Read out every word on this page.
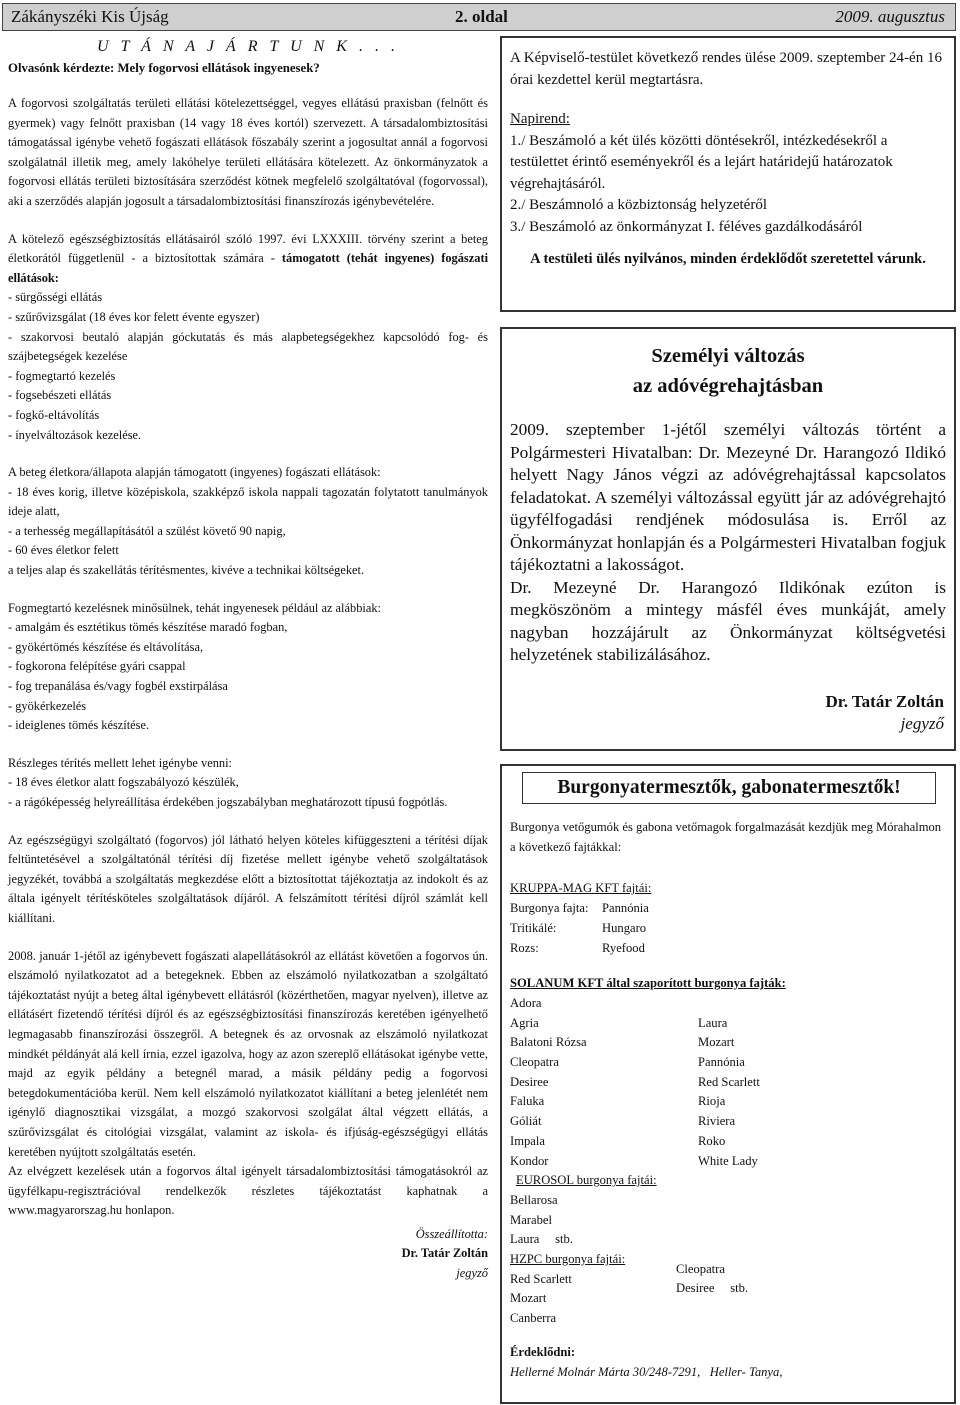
Zákányszéki Kis Újság	2. oldal	2009. augusztus

U T Á N A J Á R T U N K . . .

Olvasónk kérdezte: Mely fogorvosi ellátások ingyenesek?

A fogorvosi szolgáltatás területi ellátási kötelezettséggel, vegyes ellátású praxisban (felnőtt és gyermek) vagy felnőtt praxisban (14 vagy 18 éves kortól) szervezett. A társadalombiztosítási támogatással igénybe vehető fogászati ellátások főszabály szerint a jogosultat annál a fogorvosi szolgálatnál illetik meg, amely lakóhelye területi ellátására kötelezett. Az önkormányzatok a fogorvosi ellátás területi biztosítására szerződést kötnek megfelelő szolgáltatóval (fogorvossal), aki a szerződés alapján jogosult a társadalombiztosítási finanszírozás igénybevételére.

A kötelező egészségbiztosítás ellátásairól szóló 1997. évi LXXXIII. törvény szerint a beteg életkorától függetlenül - a biztosítottak számára - támogatott (tehát ingyenes) fogászati ellátások:

- sürgősségi ellátás

- szűrővizsgálat (18 éves kor felett évente egyszer)

- szakorvosi beutaló alapján góckutatás és más alapbetegségekhez kapcsolódó fog- és szájbetegségek kezelése

- fogmegtartó kezelés

- fogsebészeti ellátás

- fogkő-eltávolítás

- ínyelváltozások kezelése.

A beteg életkora/állapota alapján támogatott (ingyenes) fogászati ellátások:

- 18 éves korig, illetve középiskola, szakképző iskola nappali tagozatán folytatott tanulmányok ideje alatt,

- a terhesség megállapításától a szülést követő 90 napig,

- 60 éves életkor felett

a teljes alap és szakellátás térítésmentes, kivéve a technikai költségeket.

Fogmegtartó kezelésnek minősülnek, tehát ingyenesek például az alábbiak:

- amalgám és esztétikus tömés készítése maradó fogban,

- gyökértömés készítése és eltávolítása,

- fogkorona felépítése gyári csappal

- fog trepanálása és/vagy fogbél exstirpálása

- gyökérkezelés

- ideiglenes tömés készítése.

Részleges térítés mellett lehet igénybe venni:

- 18 éves életkor alatt fogszabályozó készülék,

- a rágóképesség helyreállítása érdekében jogszabályban meghatározott típusú fogpótlás.

Az egészségügyi szolgáltató (fogorvos) jól látható helyen köteles kifüggeszteni a térítési díjak feltüntetésével a szolgáltatónál térítési díj fizetése mellett igénybe vehető szolgáltatások jegyzékét, továbbá a szolgáltatás megkezdése előtt a biztosítottat tájékoztatja az indokolt és az általa igényelt térítésköteles szolgáltatások díjáról. A felszámított térítési díjról számlát kell kiállítani.

2008. január 1-jétől az igénybevett fogászati alapellátásokról az ellátást követően a fogorvos ún. elszámoló nyilatkozatot ad a betegeknek. Ebben az elszámoló nyilatkozatban a szolgáltató tájékoztatást nyújt a beteg által igénybevett ellátásról (közérthetően, magyar nyelven), illetve az ellátásért fizetendő térítési díjról és az egészségbiztosítási finanszírozás keretében igényelhető legmagasabb finanszírozási összegről. A betegnek és az orvosnak az elszámoló nyilatkozat mindkét példányát alá kell írnia, ezzel igazolva, hogy az azon szereplő ellátásokat igénybe vette, majd az egyik példány a betegnél marad, a másik példány pedig a fogorvosi betegdokumentációba kerül. Nem kell elszámoló nyilatkozatot kiállítani a beteg jelenlétét nem igénylő diagnosztikai vizsgálat, a mozgó szakorvosi szolgálat által végzett ellátás, a szűrővizsgálat és citológiai vizsgálat, valamint az iskola- és ifjúság-egészségügyi ellátás keretében nyújtott szolgáltatás esetén.

Az elvégzett kezelések után a fogorvos által igényelt társadalombiztosítási támogatásokról az ügyfélkapu-regisztrációval rendelkezők részletes tájékoztatást kaphatnak a www.magyarorszag.hu honlapon.

Összeállította:

Dr. Tatár Zoltán

jegyző

A Képviselő-testület következő rendes ülése 2009. szeptember 24-én 16 órai kezdettel kerül megtartásra.

Napirend:

1./ Beszámoló a két ülés közötti döntésekről, intézkedésekről a testülettet érintő eseményekről és a lejárt határidejű határozatok végrehajtásáról.

2./ Beszámnoló a közbiztonság helyzetéről

3./ Beszámoló az önkormányzat I. féléves gazdálkodásáról

A testületi ülés nyilvános, minden érdeklődőt szeretettel várunk.

Személyi változás
az adóvégrehajtásban

2009. szeptember 1-jétől személyi változás történt a Polgármesteri Hivatalban: Dr. Mezeyné Dr. Harangozó Ildikó helyett Nagy János végzi az adóvégrehajtással kapcsolatos feladatokat. A személyi változással együtt jár az adóvégrehajtó ügyfélfogadási rendjének módosulása is. Erről az Önkormányzat honlapján és a Polgármesteri Hivatalban fogjuk tájékoztatni a lakosságot.

Dr. Mezeyné Dr. Harangozó Ildikónak ezúton is megköszönöm a mintegy másfél éves munkáját, amely nagyban hozzájárult az Önkormányzat költségvetési helyzetének stabilizálásához.

Dr. Tatár Zoltán
jegyző
Burgonyatermesztők, gabonatermesztők!

Burgonya vetőgumók és gabona vetőmagok forgalmazását kezdjük meg Mórahalmon a következő fajtákkal:

KRUPPA-MAG KFT fajtái:

Burgonya fajta: Pannónia

Tritikálé:	Hungaro

Rozs:	Ryefood

SOLANUM KFT által szaporított burgonya fajták:

Adora

Agria

Balatoni Rózsa

Cleopatra

Desiree

Faluka

Góliát

Impala

Kondor

Laura

Mozart

Pannónia

Red Scarlett

Rioja

Riviera

Roko

White Lady

EUROSOL burgonya fajtái:

Bellarosa

Marabel

Laura     stb.

HZPC burgonya fajtái:

Red Scarlett

Mozart

Canberra

Cleopatra

Desiree     stb.

Érdeklődni:

Hellerné Molnár Márta 30/248-7291,   Heller- Tanya,
